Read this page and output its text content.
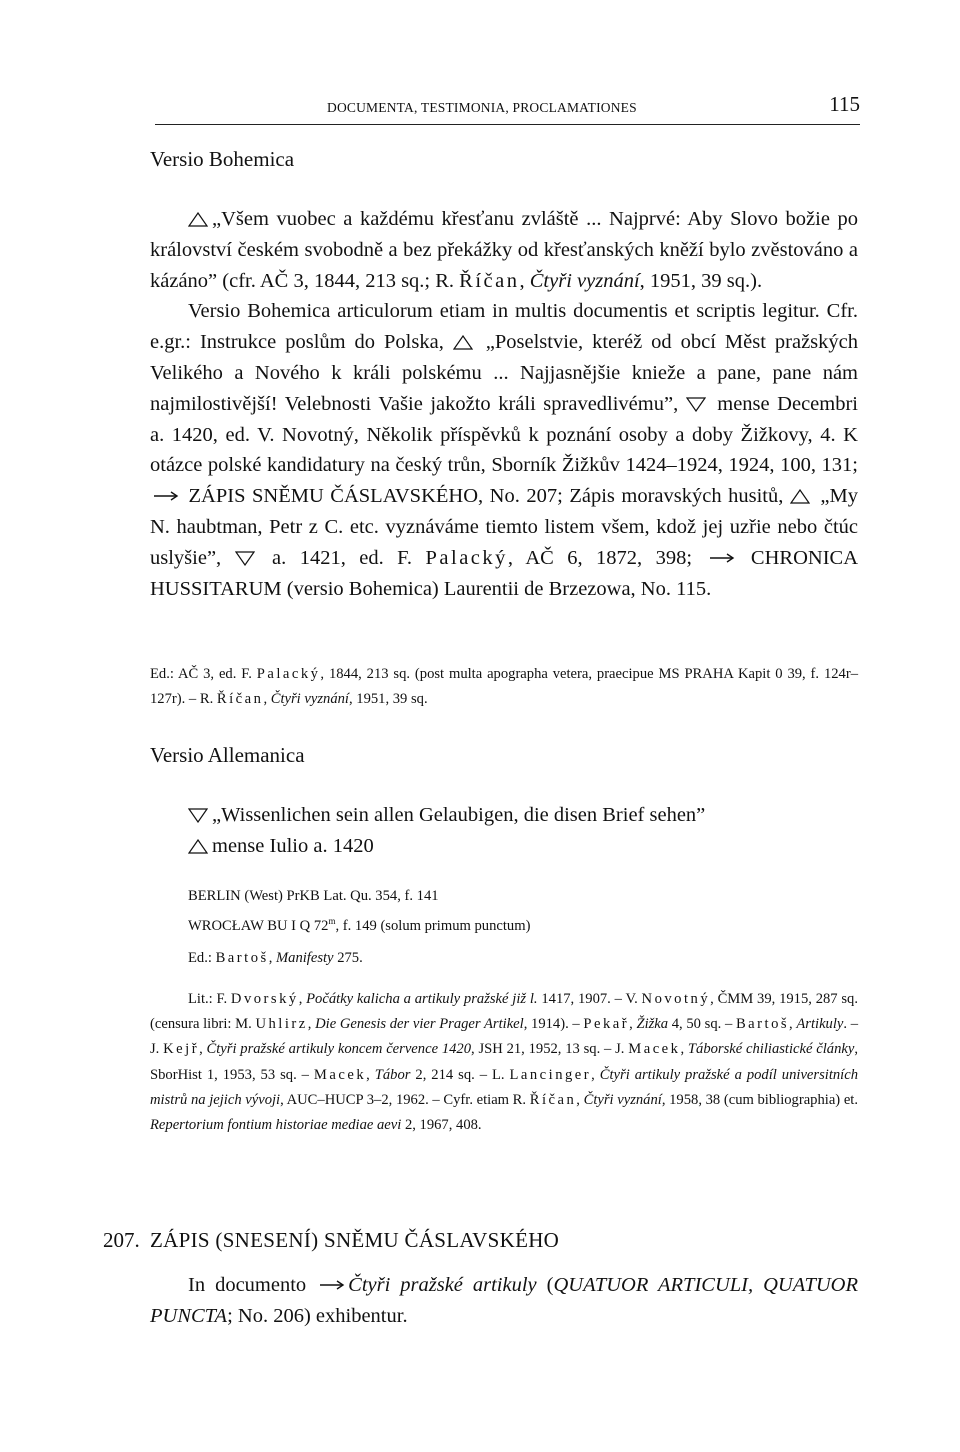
DOCUMENTA, TESTIMONIA, PROCLAMATIONES	115
Versio Bohemica

„Všem vuobec a každému křesťanu zvláště ... Najprvé: Aby Slovo božie po království českém svobodně a bez překážky od křesťanských kněží bylo zvěstováno a kázáno” (cfr. AČ 3, 1844, 213 sq.; R. Říčan, Čtyři vyznání, 1951, 39 sq.).

Versio Bohemica articulorum etiam in multis documentis et scriptis legitur. Cfr. e.gr.: Instrukce poslům do Polska,
„Poselstvie, kteréž od obcí Měst pražských Velikého a Nového k králi polskému ... Najjasnějšie knieže a pane, pane nám najmilostivější! Velebnosti Vašie jakožto králi spravedlivému”,
mense Decembri a. 1420, ed. V. Novotný, Několik příspěvků k poznání osoby a doby Žižkovy, 4. K otázce polské kandidatury na český trůn, Sborník Žižkův 1424–1924, 1924, 100, 131;
ZÁPIS SNĚMU ČÁSLAVSKÉHO, No. 207; Zápis moravských husitů,
„My N. haubtman, Petr z C. etc. vyznáváme tiemto listem všem, kdož jej uzřie nebo čtúc uslyšie”,
a. 1421, ed. F. Palacký, AČ 6, 1872, 398;
CHRONICA HUSSITARUM (versio Bohemica) Laurentii de Brzezowa, No. 115.

Ed.: AČ 3, ed. F. Palacký, 1844, 213 sq. (post multa apographa vetera, praecipue MS PRAHA Kapit 0 39, f. 124r–127r). – R. Říčan, Čtyři vyznání, 1951, 39 sq.

Versio Allemanica

„Wissenlichen sein allen Gelaubigen, die disen Brief sehen”

mense Iulio a. 1420

BERLIN (West) PrKB Lat. Qu. 354, f. 141

WROCŁAW BU I Q 72$^m$, f. 149 (solum primum punctum)

Ed.: Bartoš, Manifesty 275.

Lit.: F. Dvorský, Počátky kalicha a artikuly pražské již l. 1417, 1907. – V. Novotný, ČMM 39, 1915, 287 sq. (censura libri: M. Uhlirz, Die Genesis der vier Prager Artikel, 1914). – Pekař, Žižka 4, 50 sq. – Bartoš, Artikuly. – J. Kejř, Čtyři pražské artikuly koncem července 1420, JSH 21, 1952, 13 sq. – J. Macek, Táborské chiliastické články, SborHist 1, 1953, 53 sq. – Macek, Tábor 2, 214 sq. – L. Lancinger, Čtyři artikuly pražské a podíl universitních mistrů na jejich vývoji, AUC–HUCP 3–2, 1962. – Cyfr. etiam R. Říčan, Čtyři vyznání, 1958, 38 (cum bibliographia) et. Repertorium fontium historiae mediae aevi 2, 1967, 408.

207. ZÁPIS (SNESENÍ) SNĚMU ČÁSLAVSKÉHO

In documento
Čtyři pražské artikuly (QUATUOR ARTICULI, QUATUOR PUNCTA; No. 206) exhibentur.
